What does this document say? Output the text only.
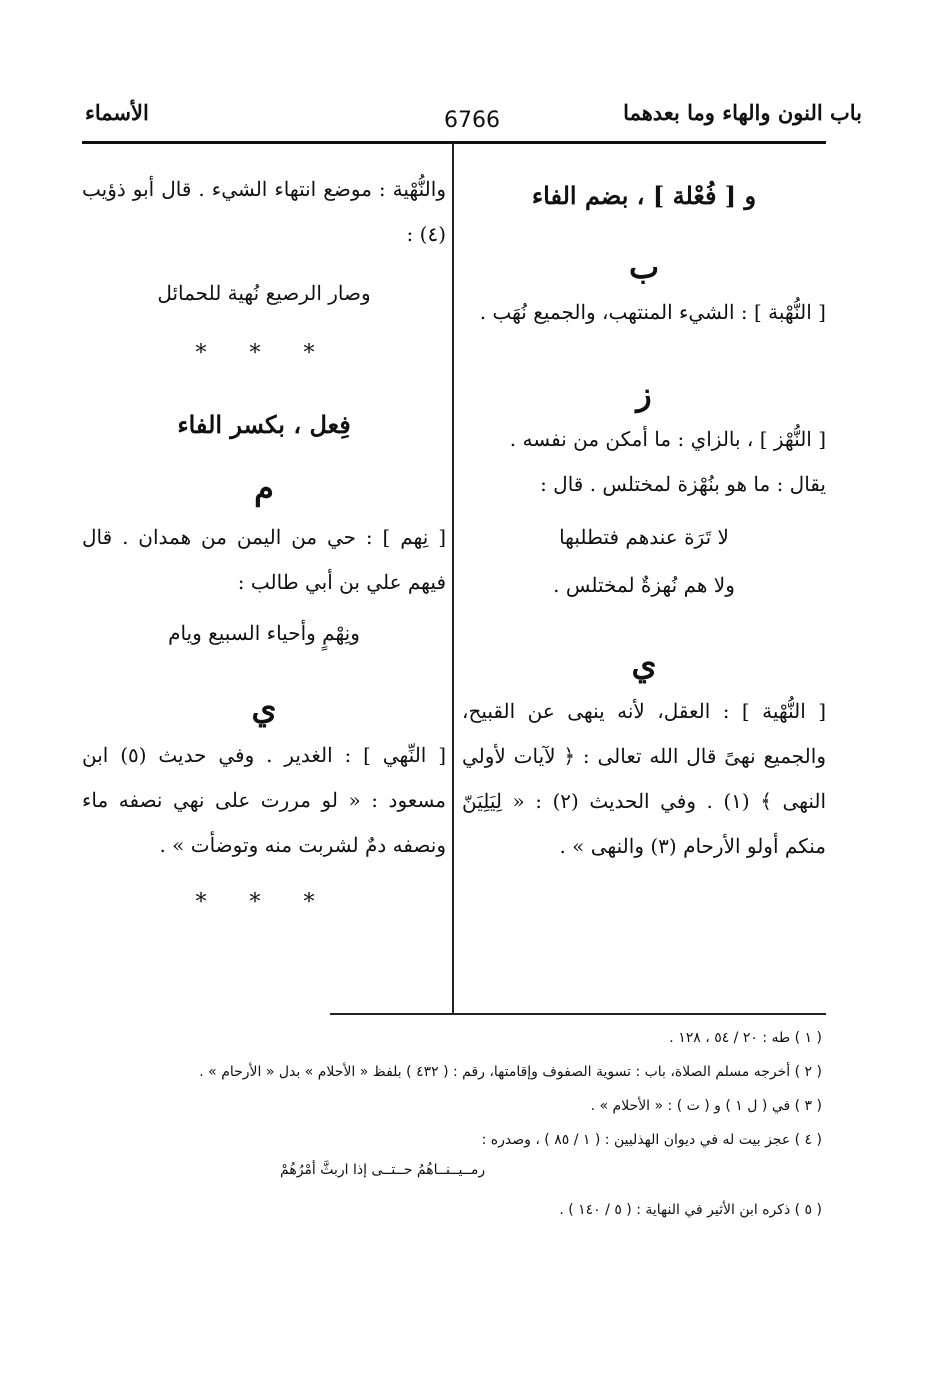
باب النون والهاء وما بعدهما
6766
الأسماء

و [ فُعْلة ] ، بضم الفاء

ب

[ النُّهْبة ] : الشيء المنتهب، والجميع نُهَب .

ز

[ النُّهْز ] ، بالزاي : ما أمكن من نفسه .

يقال : ما هو بنُهْزة لمختلس . قال :

لا تَرَة عندهم فتطلبها

ولا هم نُهزةٌ لمختلس .

ي

[ النُّهْية ] : العقل، لأنه ينهى عن القبيح، والجميع نهىً قال الله تعالى : ﴿ لآيات لأولي النهى ﴾ (١) . وفي الحديث (٢) : « لِيَلِيَنّ منكم أولو الأرحام (٣) والنهى » .

والنُّهْية : موضع انتهاء الشيء . قال أبو ذؤيب (٤) :

وصار الرصيع نُهية للحمائل

* * *

فِعل ، بكسر الفاء

م

[ نِهم ] : حي من اليمن من همدان . قال فيهم علي بن أبي طالب :

ونِهْمٍ وأحياء السبيع ويام

ي

[ النِّهي ] : الغدير . وفي حديث (٥) ابن مسعود : « لو مررت على نهي نصفه ماء ونصفه دمٌ لشربت منه وتوضأت » .

* * *

( ١ ) طه : ٢٠ / ٥٤ ، ١٢٨ .
( ٢ ) أخرجه مسلم الصلاة، باب : تسوية الصفوف وإقامتها، رقم : ( ٤٣٢ ) بلفظ « الأحلام » بدل « الأرحام » .
( ٣ ) في ( ل ١ ) و ( ت ) : « الأحلام » .
( ٤ ) عجز بيت له في ديوان الهذليين : ( ١ / ٨٥ ) ، وصدره :
رمــيــنــاهُمُ حــتــى إذا اربثَّ أمْرُهُمْ
( ٥ ) ذكره ابن الأثير في النهاية : ( ٥ / ١٤٠ ) .
